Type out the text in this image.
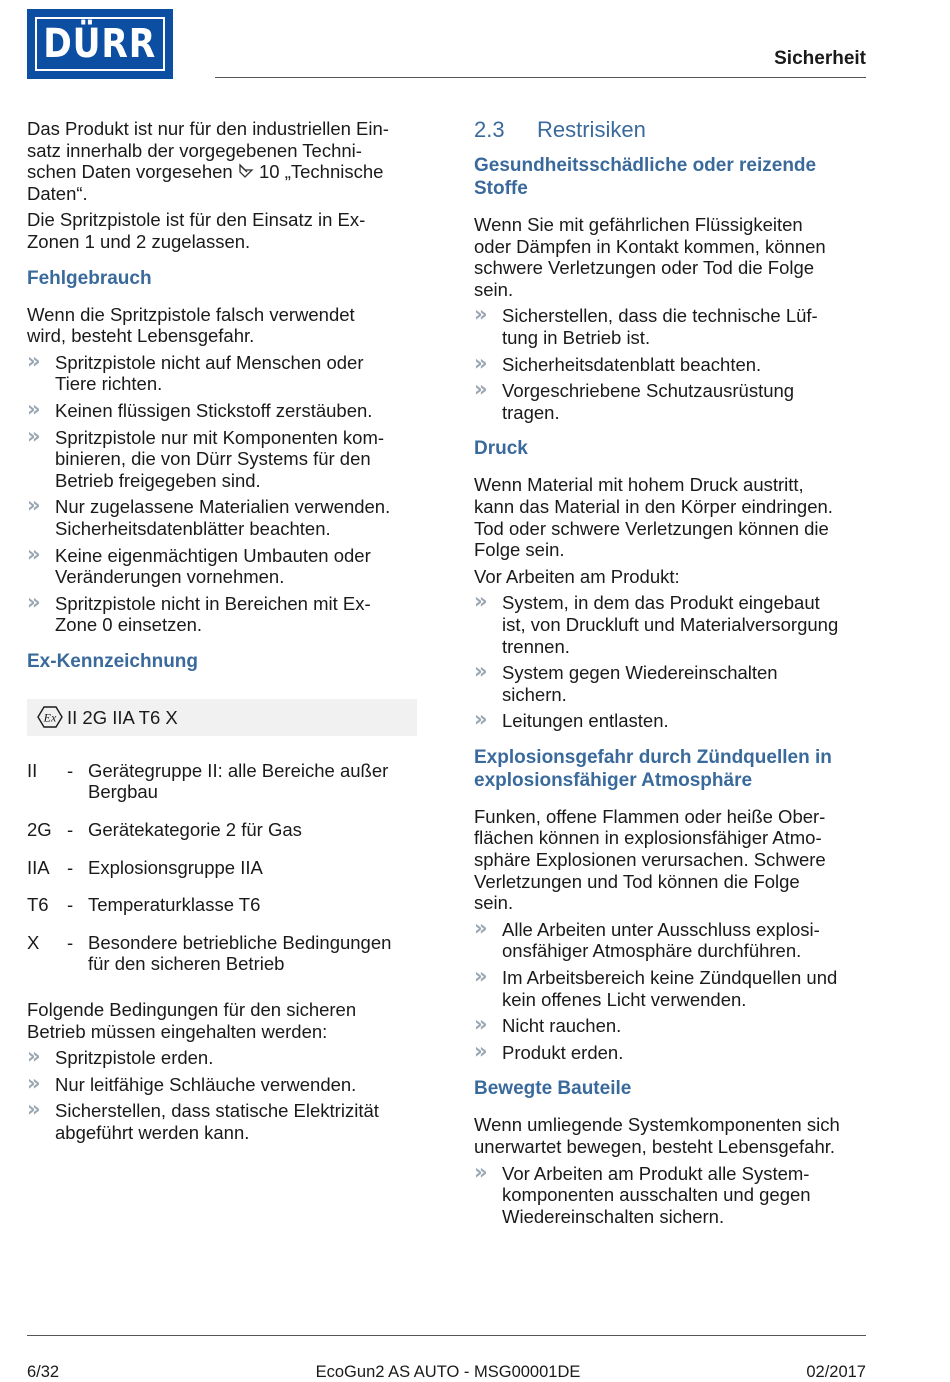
DÜRR	Sicherheit

Das Produkt ist nur für den industriellen Ein-
satz innerhalb der vorgegebenen Techni-
schen Daten vorgesehen 10 „Technische
Daten“.

Die Spritzpistole ist für den Einsatz in Ex-
Zonen 1 und 2 zugelassen.

Fehlgebrauch

Wenn die Spritzpistole falsch verwendet
wird, besteht Lebensgefahr.

» Spritzpistole nicht auf Menschen oder
Tiere richten.
» Keinen flüssigen Stickstoff zerstäuben.
» Spritzpistole nur mit Komponenten kom-
binieren, die von Dürr Systems für den
Betrieb freigegeben sind.
» Nur zugelassene Materialien verwenden.
Sicherheitsdatenblätter beachten.
» Keine eigenmächtigen Umbauten oder
Veränderungen vornehmen.
» Spritzpistole nicht in Bereichen mit Ex-
Zone 0 einsetzen.
Ex-Kennzeichnung
Ex II 2G IIA T6 X
II	- Gerätegruppe II: alle Bereiche außer
Bergbau
2G - Gerätekategorie 2 für Gas
IIA - Explosionsgruppe IIA
T6 - Temperaturklasse T6
X	- Besondere betriebliche Bedingungen
für den sicheren Betrieb

Folgende Bedingungen für den sicheren
Betrieb müssen eingehalten werden:

» Spritzpistole erden.
» Nur leitfähige Schläuche verwenden.
» Sicherstellen, dass statische Elektrizität
abgeführt werden kann.
2.3 Restrisiken
Gesundheitsschädliche oder reizende
Stoffe

Wenn Sie mit gefährlichen Flüssigkeiten
oder Dämpfen in Kontakt kommen, können
schwere Verletzungen oder Tod die Folge
sein.

» Sicherstellen, dass die technische Lüf-
tung in Betrieb ist.
» Sicherheitsdatenblatt beachten.
» Vorgeschriebene Schutzausrüstung
tragen.
Druck

Wenn Material mit hohem Druck austritt,
kann das Material in den Körper eindringen.
Tod oder schwere Verletzungen können die
Folge sein.

Vor Arbeiten am Produkt:

» System, in dem das Produkt eingebaut
ist, von Druckluft und Materialversorgung
trennen.
» System gegen Wiedereinschalten
sichern.
» Leitungen entlasten.
Explosionsgefahr durch Zündquellen in
explosionsfähiger Atmosphäre

Funken, offene Flammen oder heiße Ober-
flächen können in explosionsfähiger Atmo-
sphäre Explosionen verursachen. Schwere
Verletzungen und Tod können die Folge
sein.

» Alle Arbeiten unter Ausschluss explosi-
onsfähiger Atmosphäre durchführen.
» Im Arbeitsbereich keine Zündquellen und
kein offenes Licht verwenden.
» Nicht rauchen.
» Produkt erden.
Bewegte Bauteile

Wenn umliegende Systemkomponenten sich
unerwartet bewegen, besteht Lebensgefahr.

» Vor Arbeiten am Produkt alle System-
komponenten ausschalten und gegen
Wiedereinschalten sichern.
6/32	EcoGun2 AS AUTO - MSG00001DE	02/2017
